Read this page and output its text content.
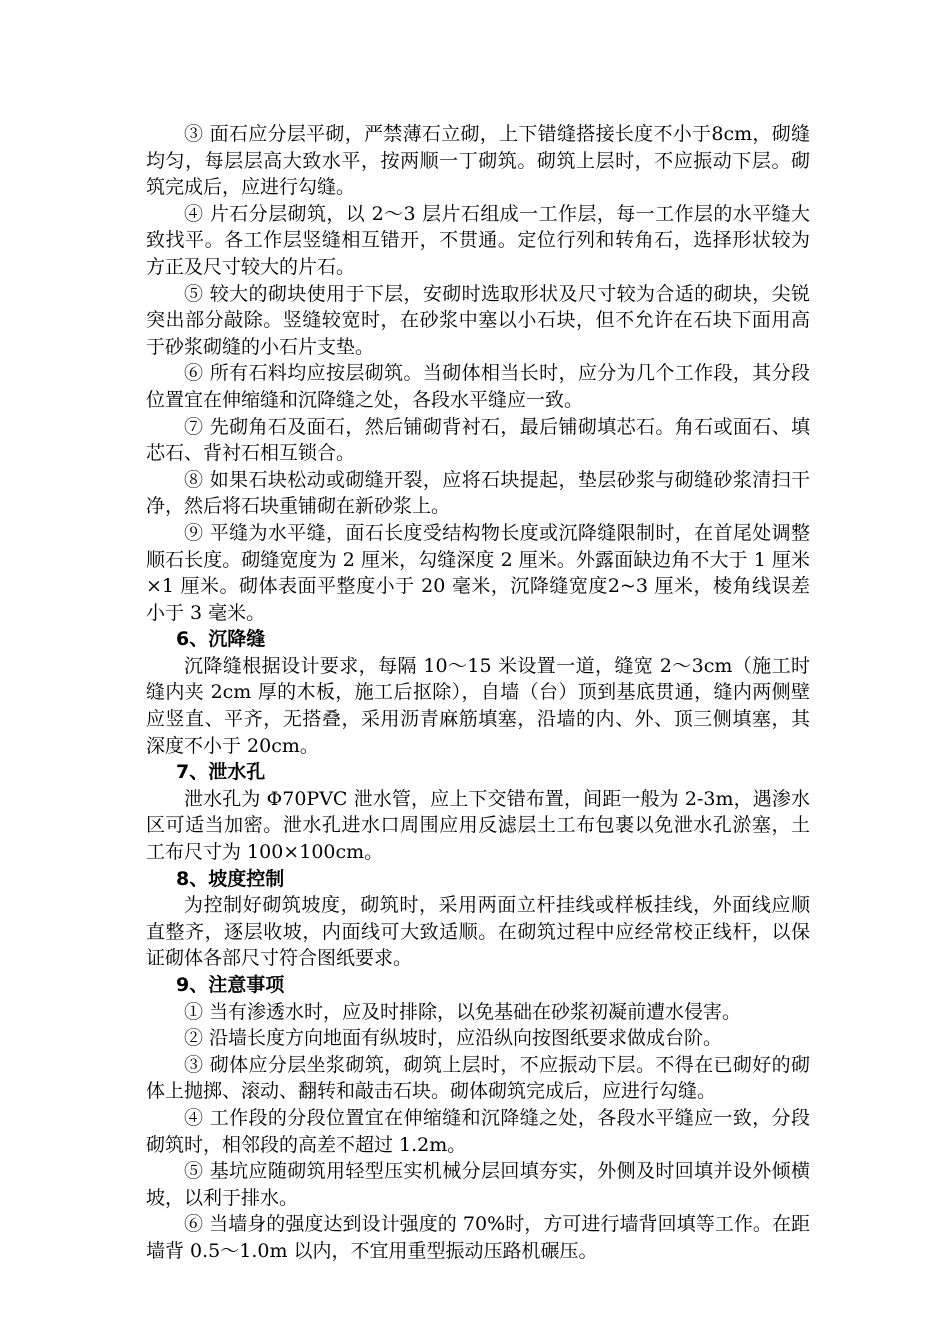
③ 面石应分层平砌，严禁薄石立砌，上下错缝搭接长度不小于8cm，砌缝均匀，每层层高大致水平，按两顺一丁砌筑。砌筑上层时，不应振动下层。砌筑完成后，应进行勾缝。

④ 片石分层砌筑，以 2～3 层片石组成一工作层，每一工作层的水平缝大致找平。各工作层竖缝相互错开，不贯通。定位行列和转角石，选择形状较为方正及尺寸较大的片石。

⑤ 较大的砌块使用于下层，安砌时选取形状及尺寸较为合适的砌块，尖锐突出部分敲除。竖缝较宽时，在砂浆中塞以小石块，但不允许在石块下面用高于砂浆砌缝的小石片支垫。

⑥ 所有石料均应按层砌筑。当砌体相当长时，应分为几个工作段，其分段位置宜在伸缩缝和沉降缝之处，各段水平缝应一致。

⑦ 先砌角石及面石，然后铺砌背衬石，最后铺砌填芯石。角石或面石、填芯石、背衬石相互锁合。

⑧ 如果石块松动或砌缝开裂，应将石块提起，垫层砂浆与砌缝砂浆清扫干净，然后将石块重铺砌在新砂浆上。

⑨ 平缝为水平缝，面石长度受结构物长度或沉降缝限制时，在首尾处调整顺石长度。砌缝宽度为 2 厘米，勾缝深度 2 厘米。外露面缺边角不大于 1 厘米×1 厘米。砌体表面平整度小于 20 毫米，沉降缝宽度2~3 厘米，棱角线误差小于 3 毫米。

6、沉降缝

沉降缝根据设计要求，每隔 10～15 米设置一道，缝宽 2～3cm（施工时缝内夹 2cm 厚的木板，施工后抠除），自墙（台）顶到基底贯通，缝内两侧壁应竖直、平齐，无搭叠，采用沥青麻筋填塞，沿墙的内、外、顶三侧填塞，其深度不小于 20cm。

7、泄水孔

泄水孔为 Φ70PVC 泄水管，应上下交错布置，间距一般为 2-3m，遇渗水区可适当加密。泄水孔进水口周围应用反滤层土工布包裹以免泄水孔淤塞，土工布尺寸为 100×100cm。

8、坡度控制

为控制好砌筑坡度，砌筑时，采用两面立杆挂线或样板挂线，外面线应顺直整齐，逐层收坡，内面线可大致适顺。在砌筑过程中应经常校正线杆，以保证砌体各部尺寸符合图纸要求。

9、注意事项

① 当有渗透水时，应及时排除，以免基础在砂浆初凝前遭水侵害。

② 沿墙长度方向地面有纵坡时，应沿纵向按图纸要求做成台阶。

③ 砌体应分层坐浆砌筑，砌筑上层时，不应振动下层。不得在已砌好的砌体上抛掷、滚动、翻转和敲击石块。砌体砌筑完成后，应进行勾缝。

④ 工作段的分段位置宜在伸缩缝和沉降缝之处，各段水平缝应一致，分段砌筑时，相邻段的高差不超过 1.2m。

⑤ 基坑应随砌筑用轻型压实机械分层回填夯实，外侧及时回填并设外倾横坡，以利于排水。

⑥ 当墙身的强度达到设计强度的 70%时，方可进行墙背回填等工作。在距墙背 0.5～1.0m 以内，不宜用重型振动压路机碾压。
